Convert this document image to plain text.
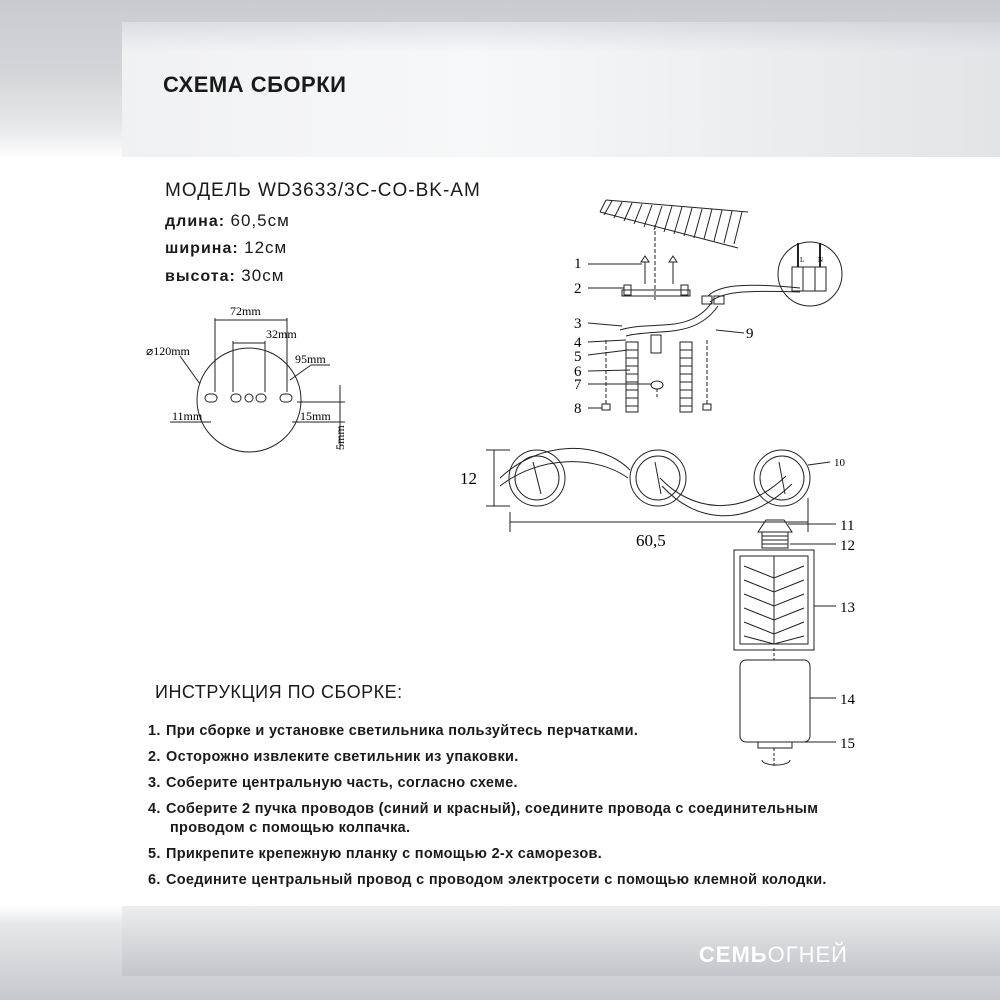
СХЕМА СБОРКИ
МОДЕЛЬ WD3633/3C-CO-BK-AM
длина: 60,5см
ширина: 12см
высота: 30см
72mm
32mm
⌀120mm
95mm
11mm	15mm
5mm
L N
1
2
3
4
5
6
7
8
9
10
11
12
13
14
15
12
60,5
ИНСТРУКЦИЯ ПО СБОРКЕ:
1. При сборке и установке светильника пользуйтесь перчатками.
2. Осторожно извлеките светильник из упаковки.
3. Соберите центральную часть, согласно схеме.
4. Соберите 2 пучка проводов (синий и красный), соедините провода с соединительным
проводом с помощью колпачка.
5. Прикрепите крепежную планку с помощью 2-х саморезов.
6. Соедините центральный провод с проводом электросети с помощью клемной колодки.
СЕМЬОГНЕЙ
